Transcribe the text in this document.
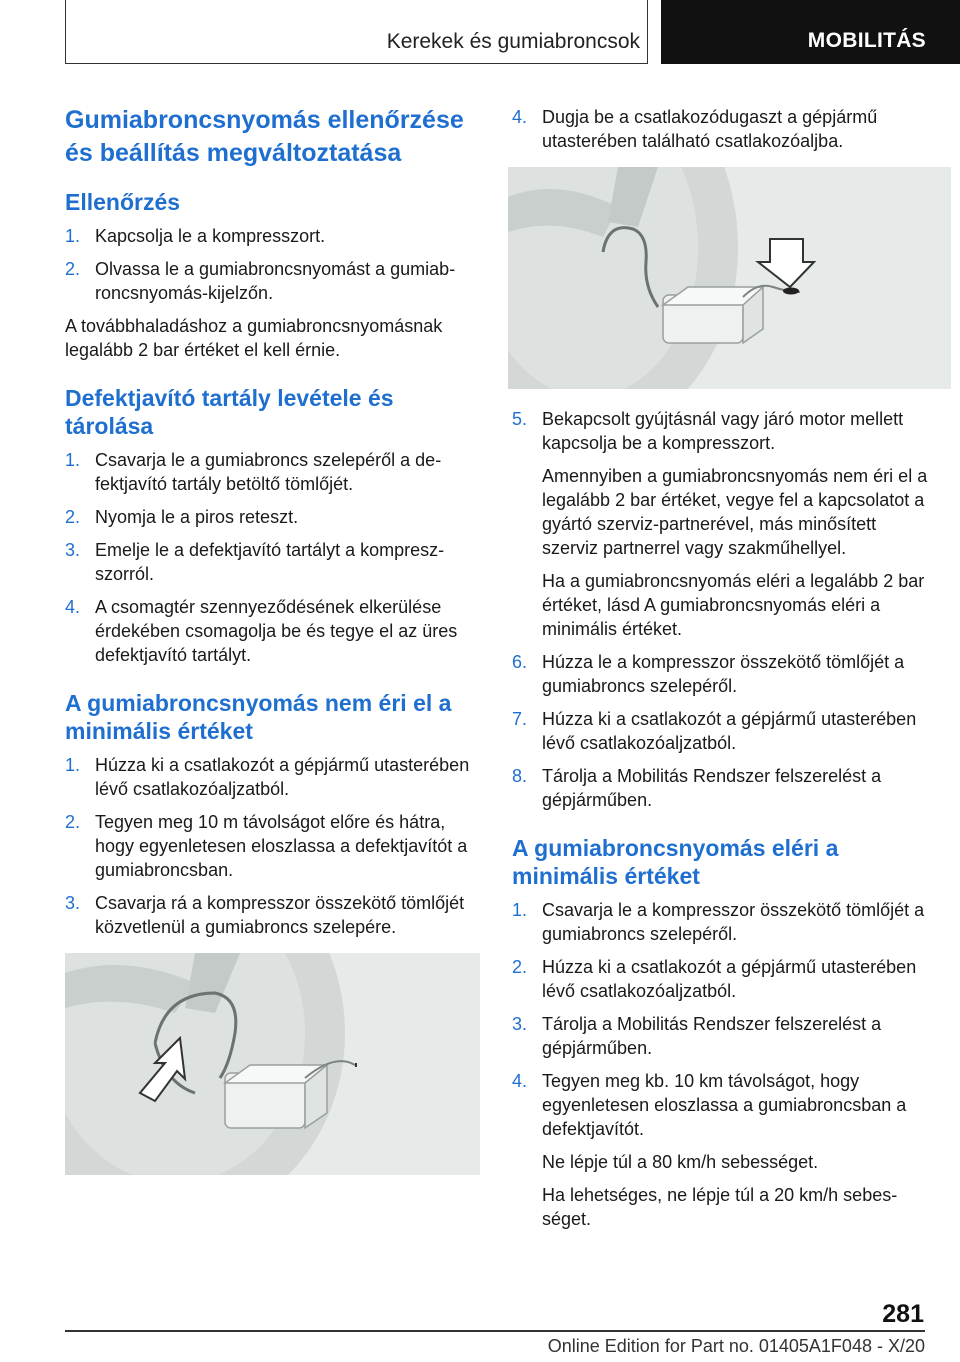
Kerekek és gumiabroncsok	MOBILITÁS
Gumiabroncsnyomás ellenőrzése és beállítás megváltoztatása
Ellenőrzés
1. Kapcsolja le a kompresszort.
2. Olvassa le a gumiabroncsnyomást a gumiabroncsnyomás-kijelzőn.

A továbbhaladáshoz a gumiabroncsnyomásnak legalább 2 bar értéket el kell érnie.

Defektjavító tartály levétele és tárolása
1. Csavarja le a gumiabroncs szelepéről a defektjavító tartály betöltő tömlőjét.
2. Nyomja le a piros reteszt.
3. Emelje le a defektjavító tartályt a kompreszszorról.
4. A csomagtér szennyeződésének elkerülése érdekében csomagolja be és tegye el az üres defektjavító tartályt.
A gumiabroncsnyomás nem éri el a minimális értéket
1. Húzza ki a csatlakozót a gépjármű utasterében lévő csatlakozóaljzatból.
2. Tegyen meg 10 m távolságot előre és hátra, hogy egyenletesen eloszlassa a defektjavítót a gumiabroncsban.
3. Csavarja rá a kompresszor összekötő tömlőjét közvetlenül a gumiabroncs szelepére.
4. Dugja be a csatlakozódugaszt a gépjármű utasterében található csatlakozóaljba.
5. Bekapcsolt gyújtásnál vagy járó motor mellett kapcsolja be a kompresszort.
Amennyiben a gumiabroncsnyomás nem éri el a legalább 2 bar értéket, vegye fel a kapcsolatot a gyártó szerviz-partnerével, más minősített szerviz partnerrel vagy szakműhellyel.
Ha a gumiabroncsnyomás eléri a legalább 2 bar értéket, lásd A gumiabroncsnyomás eléri a minimális értéket.
6. Húzza le a kompresszor összekötő tömlőjét a gumiabroncs szelepéről.
7. Húzza ki a csatlakozót a gépjármű utasterében lévő csatlakozóaljzatból.
8. Tárolja a Mobilitás Rendszer felszerelést a gépjárműben.
A gumiabroncsnyomás eléri a minimális értéket
1. Csavarja le a kompresszor összekötő tömlőjét a gumiabroncs szelepéről.
2. Húzza ki a csatlakozót a gépjármű utasterében lévő csatlakozóaljzatból.
3. Tárolja a Mobilitás Rendszer felszerelést a gépjárműben.
4. Tegyen meg kb. 10 km távolságot, hogy egyenletesen eloszlassa a gumiabroncsban a defektjavítót.
Ne lépje túl a 80 km/h sebességet.
Ha lehetséges, ne lépje túl a 20 km/h sebességet.
281
Online Edition for Part no. 01405A1F048 - X/20
